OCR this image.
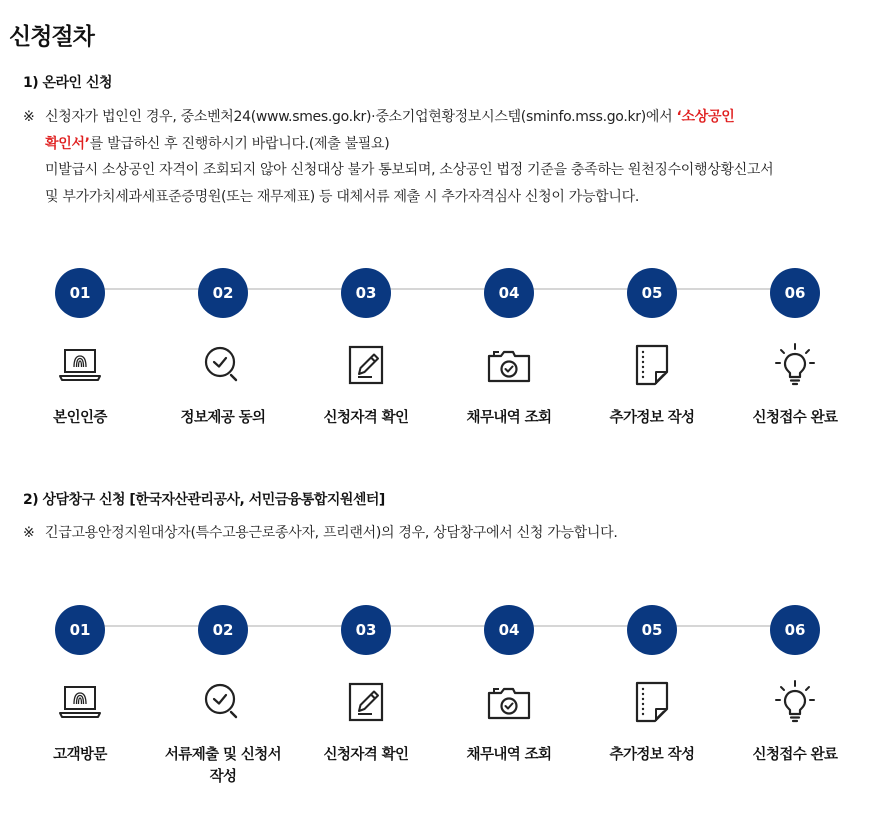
신청절차
1) 온라인 신청
※ 신청자가 법인인 경우, 중소벤처24(www.smes.go.kr)·중소기업현황정보시스템(sminfo.mss.go.kr)에서 ‘소상공인
확인서’를 발급하신 후 진행하시기 바랍니다.(제출 불필요)
미발급시 소상공인 자격이 조회되지 않아 신청대상 불가 통보되며, 소상공인 법정 기준을 충족하는 원천징수이행상황신고서
및 부가가치세과세표준증명원(또는 재무제표) 등 대체서류 제출 시 추가자격심사 신청이 가능합니다.
01
본인인증
02
정보제공 동의
03
신청자격 확인
04
채무내역 조회
05
추가정보 작성
06
신청접수 완료
2) 상담창구 신청 [한국자산관리공사, 서민금융통합지원센터]
※ 긴급고용안정지원대상자(특수고용근로종사자, 프리랜서)의 경우, 상담창구에서 신청 가능합니다.
01
고객방문
02
서류제출 및 신청서 작성
03
신청자격 확인
04
채무내역 조회
05
추가정보 작성
06
신청접수 완료
